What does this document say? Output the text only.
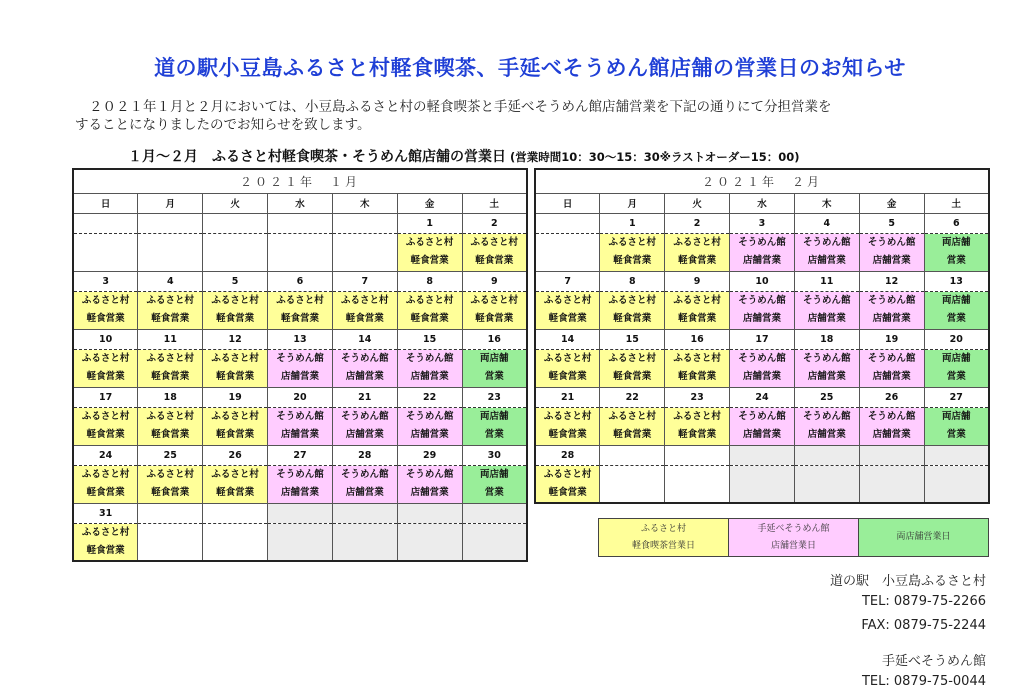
道の駅小豆島ふるさと村軽食喫茶、手延べそうめん館店舗の営業日のお知らせ
２０２１年１月と２月においては、小豆島ふるさと村の軽食喫茶と手延べそうめん館店舗営業を下記の通りにて分担営業を
することになりましたのでお知らせを致します。
１月～２月　ふるさと村軽食喫茶・そうめん館店舗の営業日 (営業時間10：30～15：30※ラストオーダー15：00)
２０２１年　１月						
日	月	火	水	木	金	土
					1	2

					ふるさと村
軽食営業	ふるさと村
軽食営業

3	4	5	6	7	8	9

ふるさと村
軽食営業	ふるさと村
軽食営業	ふるさと村
軽食営業	ふるさと村
軽食営業	ふるさと村
軽食営業	ふるさと村
軽食営業	ふるさと村
軽食営業

10	11	12	13	14	15	16

ふるさと村
軽食営業	ふるさと村
軽食営業	ふるさと村
軽食営業	そうめん館
店舗営業	そうめん館
店舗営業	そうめん館
店舗営業	両店舗
営業

17	18	19	20	21	22	23

ふるさと村
軽食営業	ふるさと村
軽食営業	ふるさと村
軽食営業	そうめん館
店舗営業	そうめん館
店舗営業	そうめん館
店舗営業	両店舗
営業

24	25	26	27	28	29	30

ふるさと村
軽食営業	ふるさと村
軽食営業	ふるさと村
軽食営業	そうめん館
店舗営業	そうめん館
店舗営業	そうめん館
店舗営業	両店舗
営業

31						

ふるさと村
軽食営業						

２０２１年　２月						
日	月	火	水	木	金	土
	1	2	3	4	5	6

	ふるさと村
軽食営業	ふるさと村
軽食営業	そうめん館
店舗営業	そうめん館
店舗営業	そうめん館
店舗営業	両店舗
営業

7	8	9	10	11	12	13

ふるさと村
軽食営業	ふるさと村
軽食営業	ふるさと村
軽食営業	そうめん館
店舗営業	そうめん館
店舗営業	そうめん館
店舗営業	両店舗
営業

14	15	16	17	18	19	20

ふるさと村
軽食営業	ふるさと村
軽食営業	ふるさと村
軽食営業	そうめん館
店舗営業	そうめん館
店舗営業	そうめん館
店舗営業	両店舗
営業

21	22	23	24	25	26	27

ふるさと村
軽食営業	ふるさと村
軽食営業	ふるさと村
軽食営業	そうめん館
店舗営業	そうめん館
店舗営業	そうめん館
店舗営業	両店舗
営業

28						

ふるさと村
軽食営業						

ふるさと村
軽食喫茶営業日

手延べそうめん館
店舗営業日

両店舗営業日
道の駅　小豆島ふるさと村
TEL: 0879-75-2266
FAX: 0879-75-2244
手延べそうめん館
TEL: 0879-75-0044
